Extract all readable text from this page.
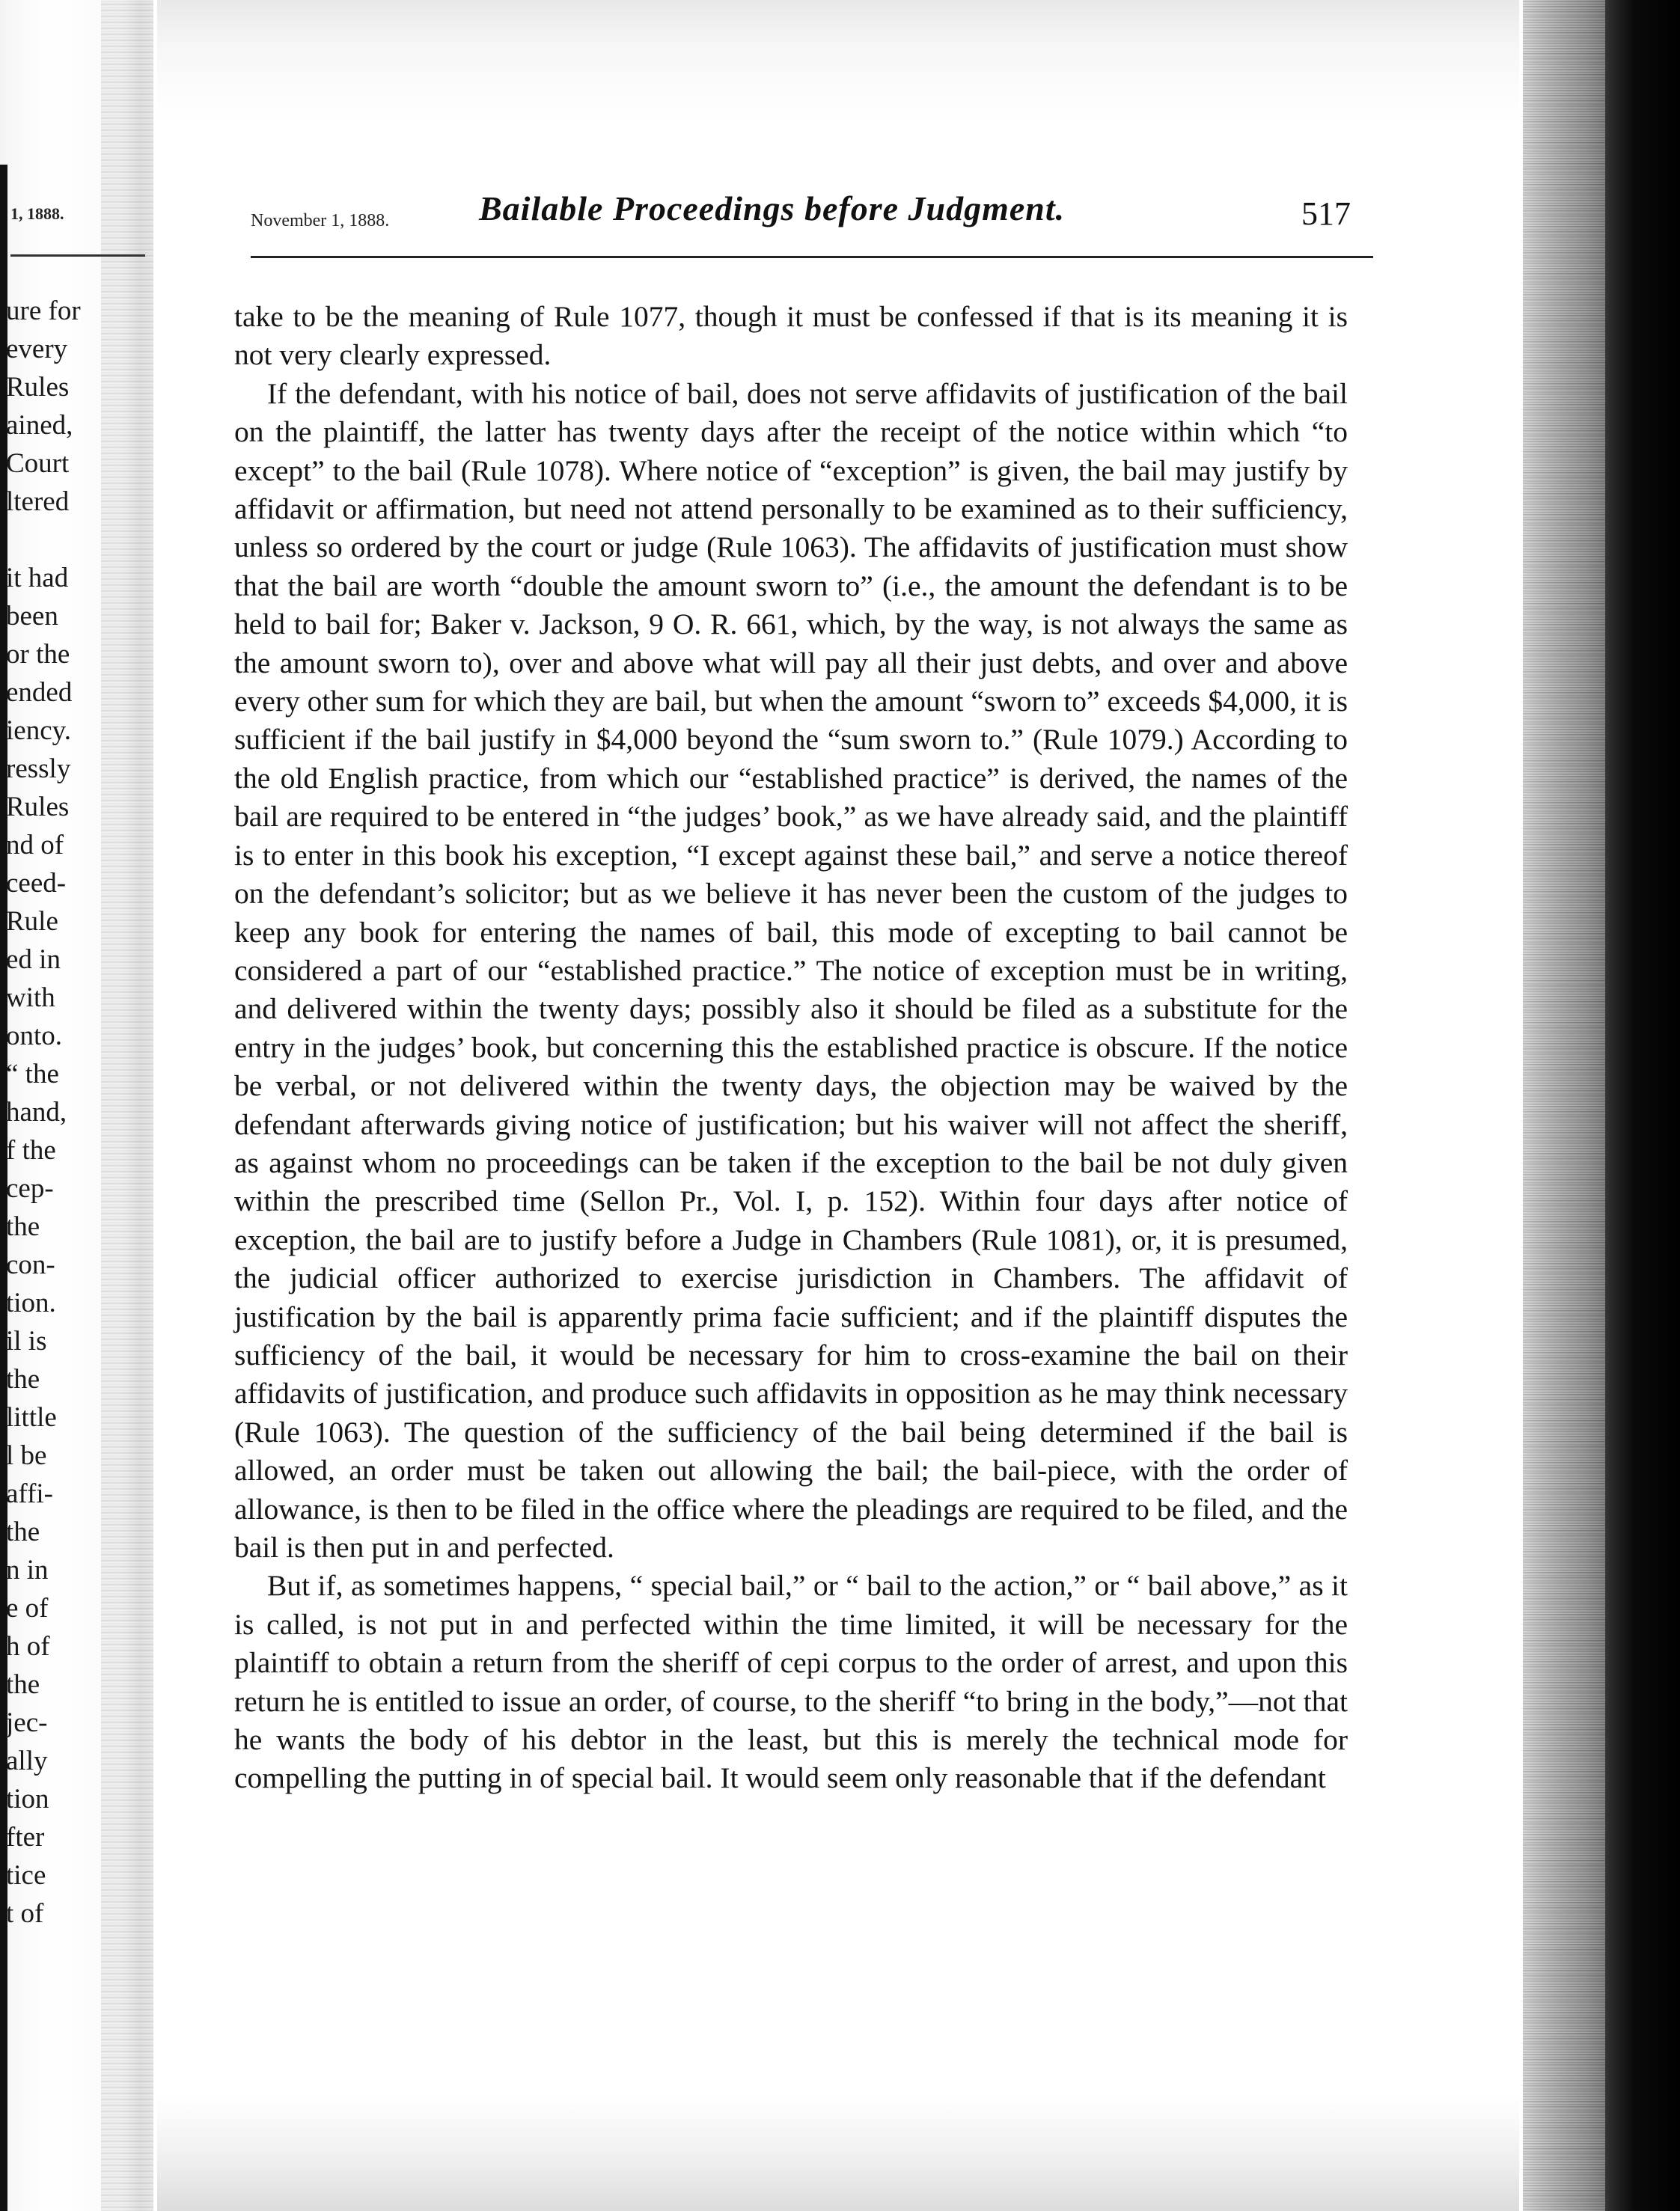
1, 1888.
ure for
every
Rules
ained,
Court
ltered

it had
been
or the
ended
iency.
ressly
Rules
nd of
ceed-
Rule
ed in
with
onto.
“ the
hand,
f the
cep-
the
con-
tion.
il is
the
little
l be
affi-
the
n in
e of
h of
the
jec-
ally
tion
fter
tice
t of
November 1, 1888.	Bailable Proceedings before Judgment.	517

take to be the meaning of Rule 1077, though it must be confessed if that is its meaning it is not very clearly expressed.

If the defendant, with his notice of bail, does not serve affidavits of justification of the bail on the plaintiff, the latter has twenty days after the receipt of the notice within which “to except” to the bail (Rule 1078). Where notice of “exception” is given, the bail may justify by affidavit or affirmation, but need not attend personally to be examined as to their sufficiency, unless so ordered by the court or judge (Rule 1063). The affidavits of justification must show that the bail are worth “double the amount sworn to” (i.e., the amount the defendant is to be held to bail for; Baker v. Jackson, 9 O. R. 661, which, by the way, is not always the same as the amount sworn to), over and above what will pay all their just debts, and over and above every other sum for which they are bail, but when the amount “sworn to” exceeds $4,000, it is sufficient if the bail justify in $4,000 beyond the “sum sworn to.” (Rule 1079.) According to the old English practice, from which our “established practice” is derived, the names of the bail are required to be entered in “the judges’ book,” as we have already said, and the plaintiff is to enter in this book his exception, “I except against these bail,” and serve a notice thereof on the defendant’s solicitor; but as we believe it has never been the custom of the judges to keep any book for entering the names of bail, this mode of excepting to bail cannot be considered a part of our “established practice.” The notice of exception must be in writing, and delivered within the twenty days; possibly also it should be filed as a substitute for the entry in the judges’ book, but concerning this the established practice is obscure. If the notice be verbal, or not delivered within the twenty days, the objection may be waived by the defendant afterwards giving notice of justification; but his waiver will not affect the sheriff, as against whom no proceedings can be taken if the exception to the bail be not duly given within the prescribed time (Sellon Pr., Vol. I, p. 152). Within four days after notice of exception, the bail are to justify before a Judge in Chambers (Rule 1081), or, it is presumed, the judicial officer authorized to exercise jurisdiction in Chambers. The affidavit of justification by the bail is apparently prima facie sufficient; and if the plaintiff disputes the sufficiency of the bail, it would be necessary for him to cross-examine the bail on their affidavits of justification, and produce such affidavits in opposition as he may think necessary (Rule 1063). The question of the sufficiency of the bail being determined if the bail is allowed, an order must be taken out allowing the bail; the bail-piece, with the order of allowance, is then to be filed in the office where the pleadings are required to be filed, and the bail is then put in and perfected.

But if, as sometimes happens, “ special bail,” or “ bail to the action,” or “ bail above,” as it is called, is not put in and perfected within the time limited, it will be necessary for the plaintiff to obtain a return from the sheriff of cepi corpus to the order of arrest, and upon this return he is entitled to issue an order, of course, to the sheriff “to bring in the body,”—not that he wants the body of his debtor in the least, but this is merely the technical mode for compelling the putting in of special bail. It would seem only reasonable that if the defendant
